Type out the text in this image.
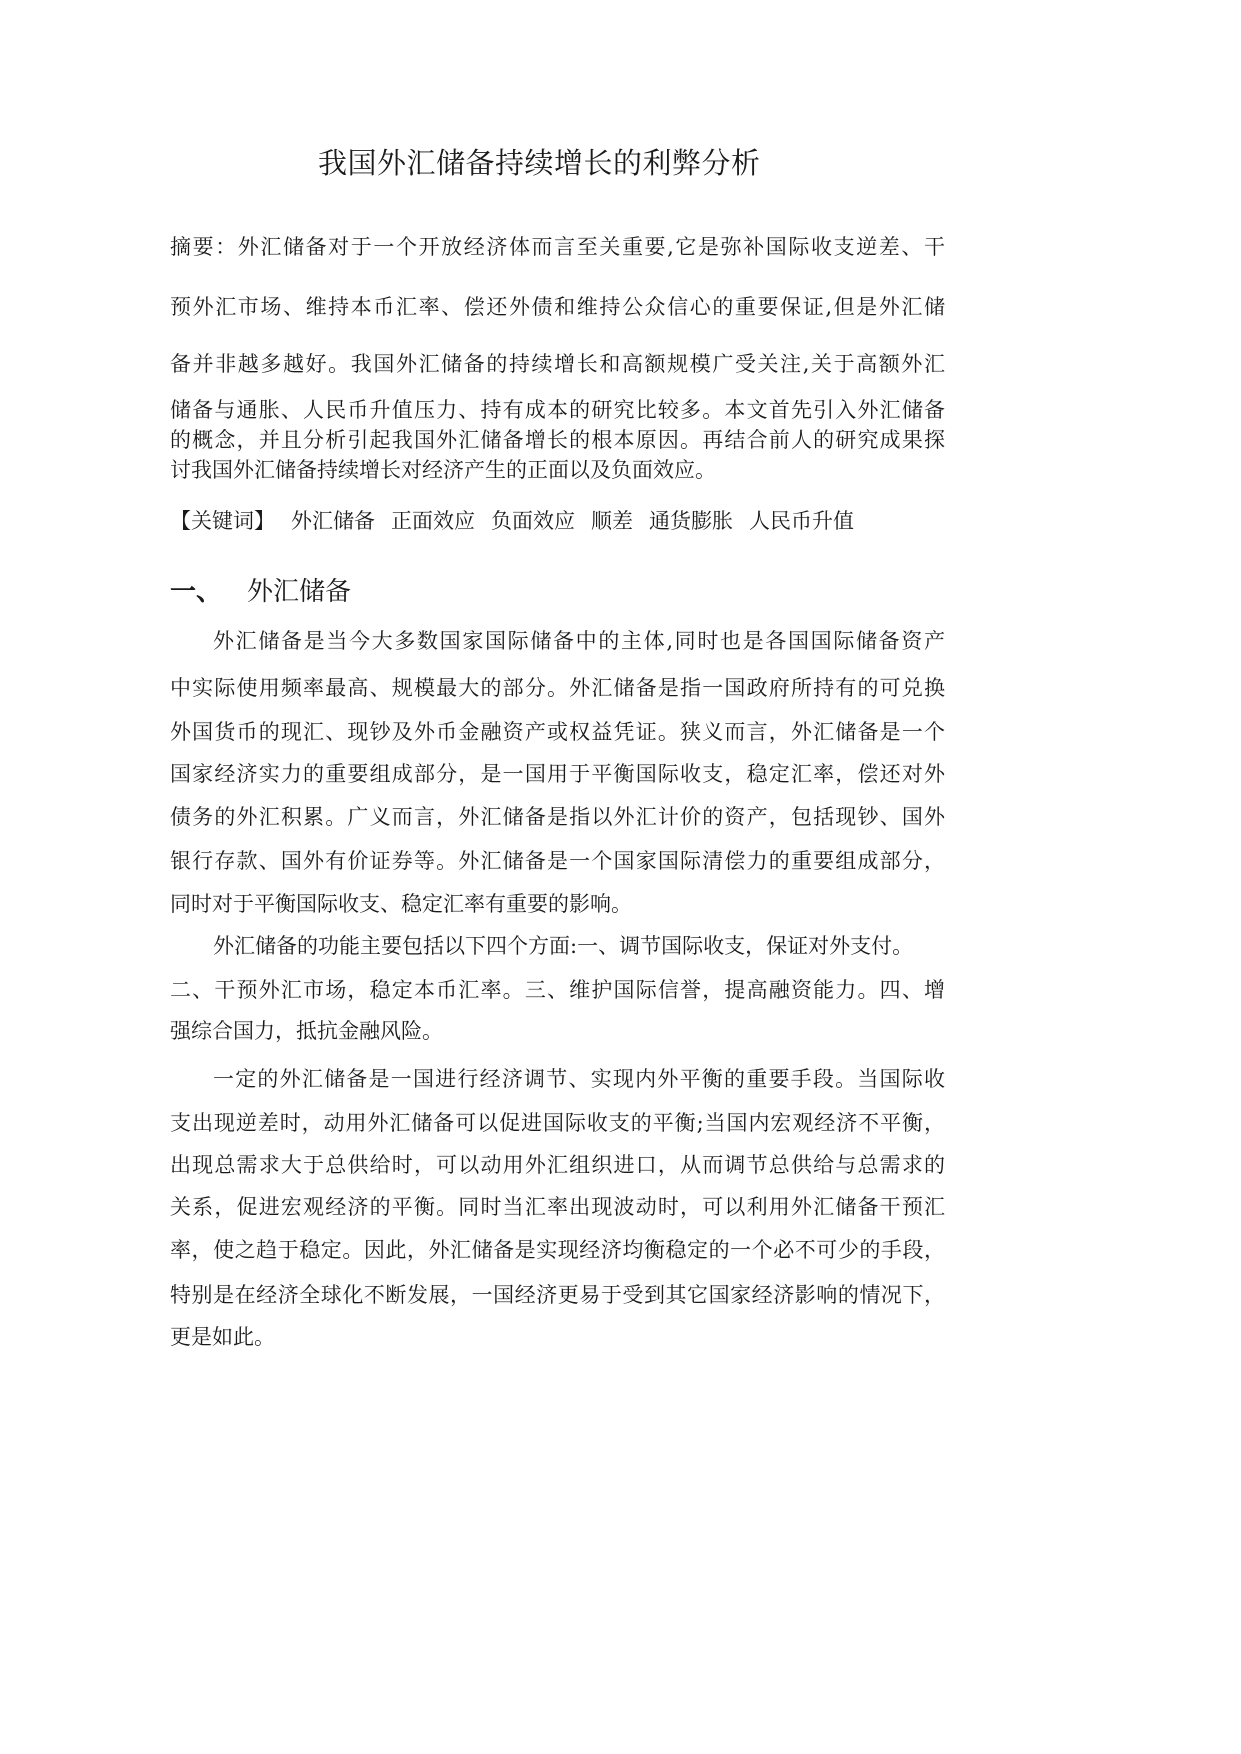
我国外汇储备持续增长的利弊分析
摘要：外汇储备对于一个开放经济体而言至关重要,它是弥补国际收支逆差、干
预外汇市场、维持本币汇率、偿还外债和维持公众信心的重要保证,但是外汇储
备并非越多越好。我国外汇储备的持续增长和高额规模广受关注,关于高额外汇
储备与通胀、人民币升值压力、持有成本的研究比较多。本文首先引入外汇储备
的概念，并且分析引起我国外汇储备增长的根本原因。再结合前人的研究成果探
讨我国外汇储备持续增长对经济产生的正面以及负面效应。
【关键词】 外汇储备 正面效应 负面效应 顺差 通货膨胀 人民币升值
一、 外汇储备
外汇储备是当今大多数国家国际储备中的主体,同时也是各国国际储备资产
中实际使用频率最高、规模最大的部分。外汇储备是指一国政府所持有的可兑换
外国货币的现汇、现钞及外币金融资产或权益凭证。狭义而言，外汇储备是一个
国家经济实力的重要组成部分，是一国用于平衡国际收支，稳定汇率，偿还对外
债务的外汇积累。广义而言，外汇储备是指以外汇计价的资产，包括现钞、国外
银行存款、国外有价证券等。外汇储备是一个国家国际清偿力的重要组成部分，
同时对于平衡国际收支、稳定汇率有重要的影响。
外汇储备的功能主要包括以下四个方面:一、调节国际收支，保证对外支付。
二、干预外汇市场，稳定本币汇率。三、维护国际信誉，提高融资能力。四、增
强综合国力，抵抗金融风险。
一定的外汇储备是一国进行经济调节、实现内外平衡的重要手段。当国际收
支出现逆差时，动用外汇储备可以促进国际收支的平衡;当国内宏观经济不平衡，
出现总需求大于总供给时，可以动用外汇组织进口，从而调节总供给与总需求的
关系，促进宏观经济的平衡。同时当汇率出现波动时，可以利用外汇储备干预汇
率，使之趋于稳定。因此，外汇储备是实现经济均衡稳定的一个必不可少的手段，
特别是在经济全球化不断发展，一国经济更易于受到其它国家经济影响的情况下，
更是如此。
